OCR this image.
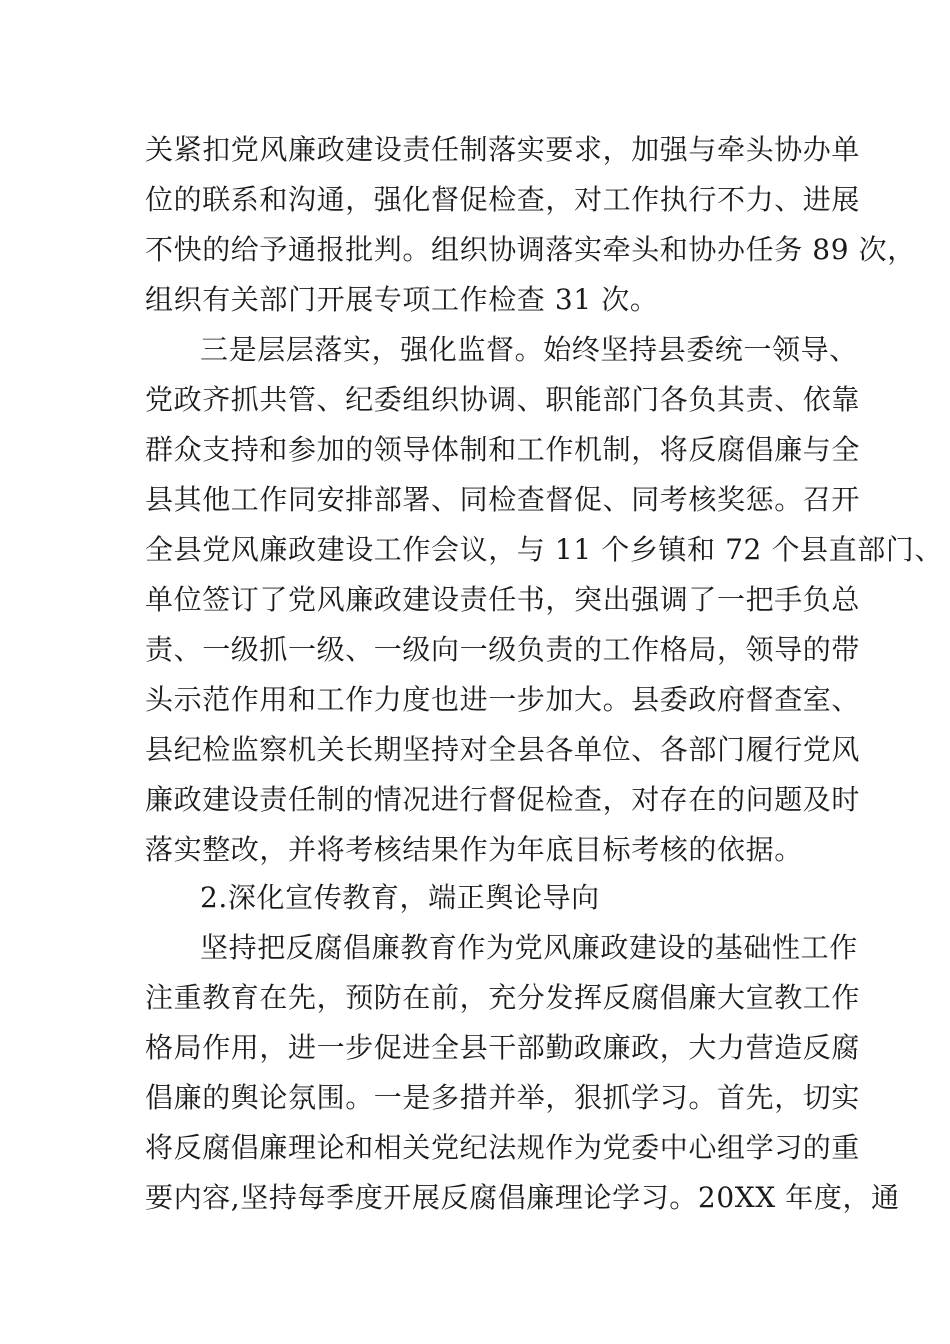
关紧扣党风廉政建设责任制落实要求，加强与牵头协办单
位的联系和沟通，强化督促检查，对工作执行不力、进展
不快的给予通报批判。组织协调落实牵头和协办任务 89 次，
组织有关部门开展专项工作检查 31 次。
三是层层落实，强化监督。始终坚持县委统一领导、
党政齐抓共管、纪委组织协调、职能部门各负其责、依靠
群众支持和参加的领导体制和工作机制，将反腐倡廉与全
县其他工作同安排部署、同检查督促、同考核奖惩。召开
全县党风廉政建设工作会议，与 11 个乡镇和 72 个县直部门、
单位签订了党风廉政建设责任书，突出强调了一把手负总
责、一级抓一级、一级向一级负责的工作格局，领导的带
头示范作用和工作力度也进一步加大。县委政府督查室、
县纪检监察机关长期坚持对全县各单位、各部门履行党风
廉政建设责任制的情况进行督促检查，对存在的问题及时
落实整改，并将考核结果作为年底目标考核的依据。
2.深化宣传教育，端正舆论导向
坚持把反腐倡廉教育作为党风廉政建设的基础性工作
注重教育在先，预防在前，充分发挥反腐倡廉大宣教工作
格局作用，进一步促进全县干部勤政廉政，大力营造反腐
倡廉的舆论氛围。一是多措并举，狠抓学习。首先，切实
将反腐倡廉理论和相关党纪法规作为党委中心组学习的重
要内容,坚持每季度开展反腐倡廉理论学习。20XX 年度，通
